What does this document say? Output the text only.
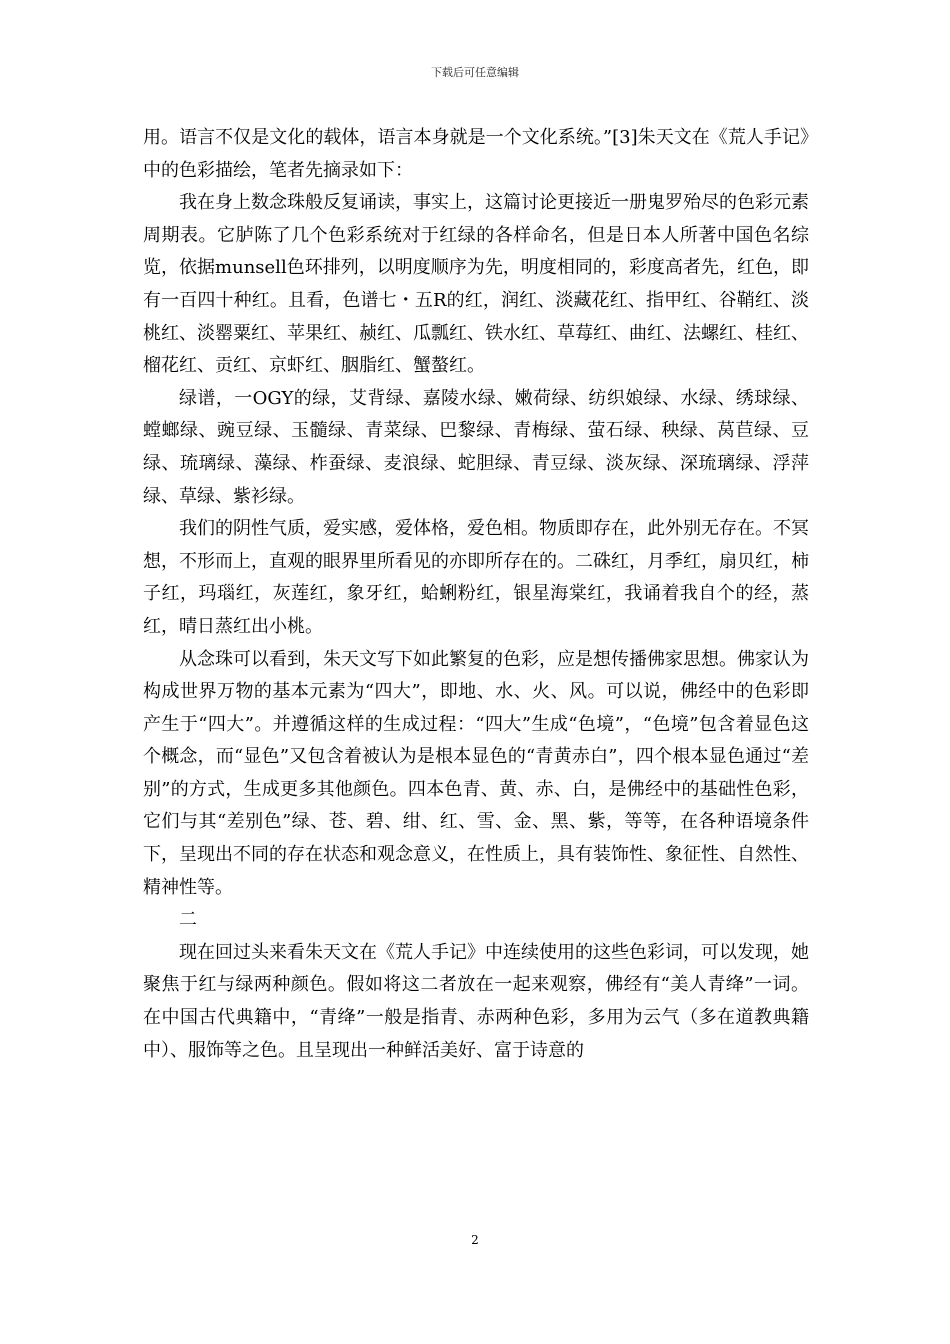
下载后可任意编辑

用。语言不仅是文化的载体，语言本身就是一个文化系统。”[3]朱天文在《荒人手记》中的色彩描绘，笔者先摘录如下：

我在身上数念珠般反复诵读，事实上，这篇讨论更接近一册鬼罗殆尽的色彩元素周期表。它胪陈了几个色彩系统对于红绿的各样命名，但是日本人所著中国色名综览，依据munsell色环排列，以明度顺序为先，明度相同的，彩度高者先，红色，即有一百四十种红。且看，色谱七・五R的红，润红、淡藏花红、指甲红、谷鞘红、淡桃红、淡罂粟红、苹果红、赪红、瓜瓢红、铁水红、草莓红、曲红、法螺红、桂红、榴花红、贡红、京虾红、胭脂红、蟹螯红。

绿谱，一OGY的绿，艾背绿、嘉陵水绿、嫩荷绿、纺织娘绿、水绿、绣球绿、螳螂绿、豌豆绿、玉髓绿、青菜绿、巴黎绿、青梅绿、萤石绿、秧绿、莴苣绿、豆绿、琉璃绿、藻绿、柞蚕绿、麦浪绿、蛇胆绿、青豆绿、淡灰绿、深琉璃绿、浮萍绿、草绿、紫衫绿。

我们的阴性气质，爱实感，爱体格，爱色相。物质即存在，此外别无存在。不冥想，不形而上，直观的眼界里所看见的亦即所存在的。二硃红，月季红，扇贝红，柿子红，玛瑙红，灰莲红，象牙红，蛤蜊粉红，银星海棠红，我诵着我自个的经，蒸红，晴日蒸红出小桃。

从念珠可以看到，朱天文写下如此繁复的色彩，应是想传播佛家思想。佛家认为构成世界万物的基本元素为“四大”，即地、水、火、风。可以说，佛经中的色彩即产生于“四大”。并遵循这样的生成过程：“四大”生成“色境”，“色境”包含着显色这个概念，而“显色”又包含着被认为是根本显色的“青黄赤白”，四个根本显色通过“差别”的方式，生成更多其他颜色。四本色青、黄、赤、白，是佛经中的基础性色彩，它们与其“差别色”绿、苍、碧、绀、红、雪、金、黑、紫，等等，在各种语境条件下，呈现出不同的存在状态和观念意义，在性质上，具有装饰性、象征性、自然性、精神性等。

二

现在回过头来看朱天文在《荒人手记》中连续使用的这些色彩词，可以发现，她聚焦于红与绿两种颜色。假如将这二者放在一起来观察，佛经有“美人青绛”一词。在中国古代典籍中，“青绛”一般是指青、赤两种色彩，多用为云气（多在道教典籍中）、服饰等之色。且呈现出一种鲜活美好、富于诗意的

2
